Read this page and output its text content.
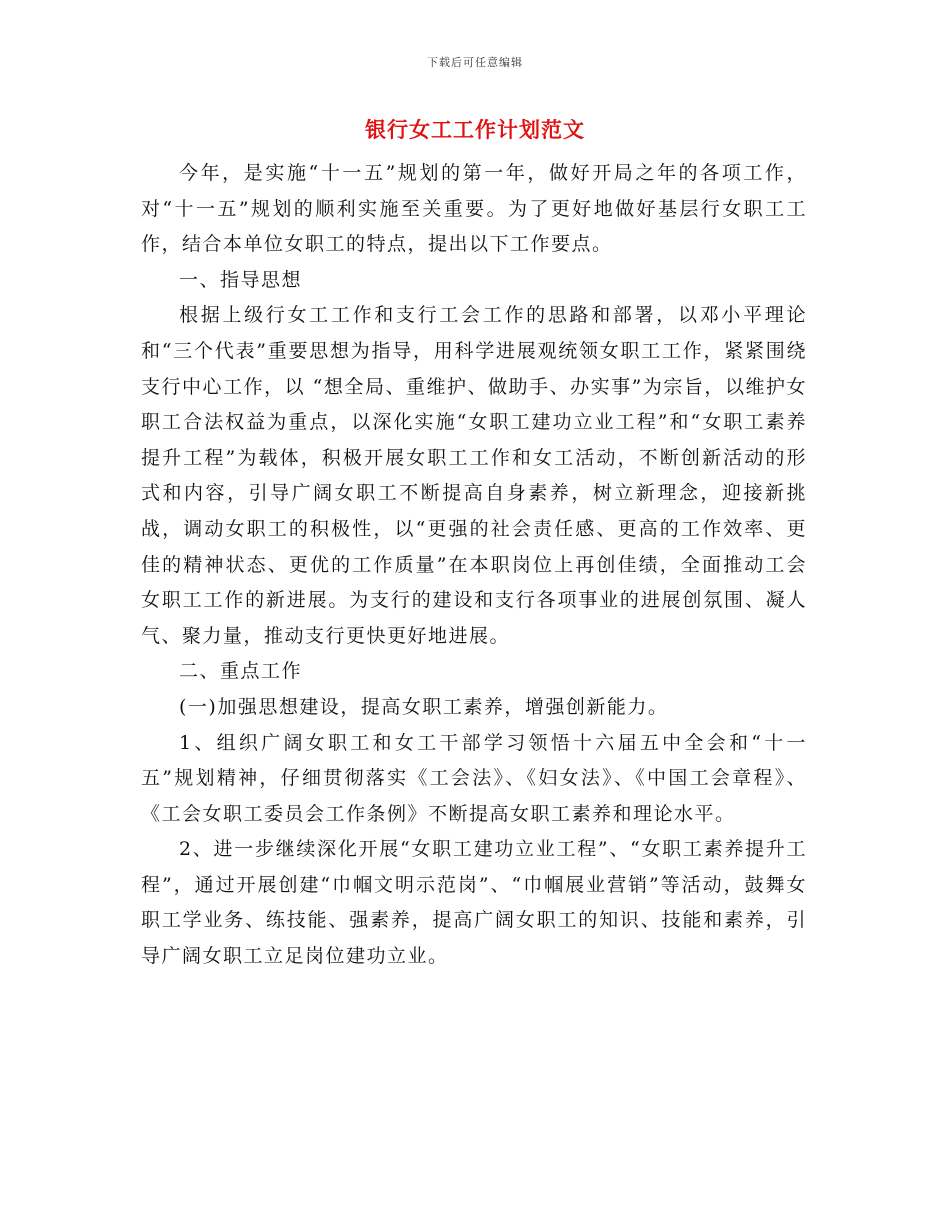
下载后可任意编辑
银行女工工作计划范文

今年，是实施“十一五”规划的第一年，做好开局之年的各项工作，对“十一五”规划的顺利实施至关重要。为了更好地做好基层行女职工工作，结合本单位女职工的特点，提出以下工作要点。

一、指导思想

根据上级行女工工作和支行工会工作的思路和部署，以邓小平理论和“三个代表”重要思想为指导，用科学进展观统领女职工工作，紧紧围绕支行中心工作，以 “想全局、重维护、做助手、办实事”为宗旨，以维护女职工合法权益为重点，以深化实施“女职工建功立业工程”和“女职工素养提升工程”为载体，积极开展女职工工作和女工活动，不断创新活动的形式和内容，引导广阔女职工不断提高自身素养，树立新理念，迎接新挑战，调动女职工的积极性，以“更强的社会责任感、更高的工作效率、更佳的精神状态、更优的工作质量”在本职岗位上再创佳绩，全面推动工会女职工工作的新进展。为支行的建设和支行各项事业的进展创氛围、凝人气、聚力量，推动支行更快更好地进展。

二、重点工作

(一)加强思想建设，提高女职工素养，增强创新能力。

1、组织广阔女职工和女工干部学习领悟十六届五中全会和“十一五”规划精神，仔细贯彻落实《工会法》、《妇女法》、《中国工会章程》、《工会女职工委员会工作条例》不断提高女职工素养和理论水平。

2、进一步继续深化开展“女职工建功立业工程”、“女职工素养提升工程”，通过开展创建“巾帼文明示范岗”、“巾帼展业营销”等活动，鼓舞女职工学业务、练技能、强素养，提高广阔女职工的知识、技能和素养，引导广阔女职工立足岗位建功立业。
